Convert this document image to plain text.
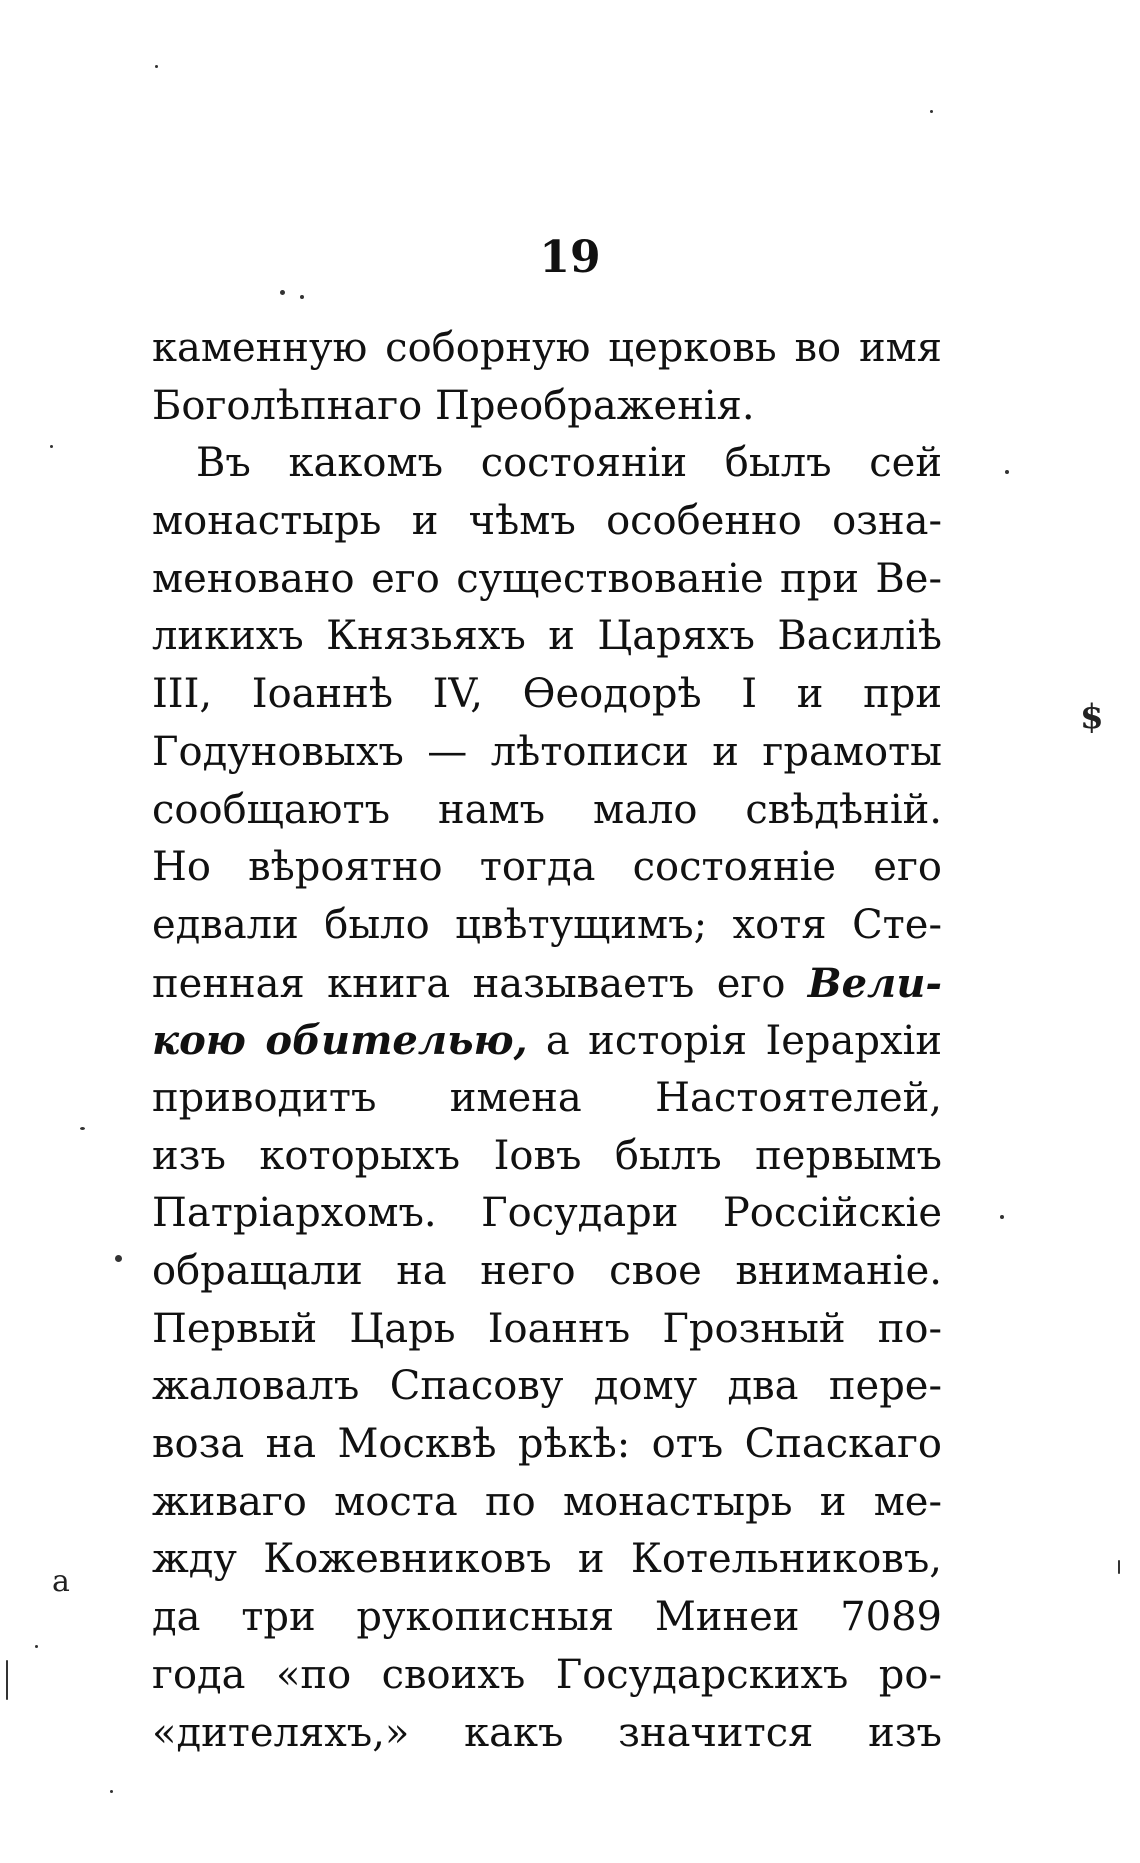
19
каменную соборную церковь во имя
Боголѣпнаго Преображенія.
Въ какомъ состояніи былъ сей
монастырь и чѣмъ особенно озна-
меновано его существованіе при Ве-
ликихъ Князьяхъ и Царяхъ Василіѣ
III, Іоаннѣ IV, Ѳеодорѣ I и при
Годуновыхъ — лѣтописи и грамоты
сообщаютъ намъ мало свѣдѣній.
Но вѣроятно тогда состояніе его
едвали было цвѣтущимъ; хотя Сте-
пенная книга называетъ его Вели-
кою обителью, а исторія Іерархіи
приводитъ имена Настоятелей,
изъ которыхъ Іовъ былъ первымъ
Патріархомъ. Государи Россійскіе
обращали на него свое вниманіе.
Первый Царь Іоаннъ Грозный по-
жаловалъ Спасову дому два пере-
воза на Москвѣ рѣкѣ: отъ Спаскаго
живаго моста по монастырь и ме-
жду Кожевниковъ и Котельниковъ,
да три рукописныя Минеи 7089
года «по своихъ Государскихъ ро-
«дителяхъ,» какъ значится изъ
$
a
